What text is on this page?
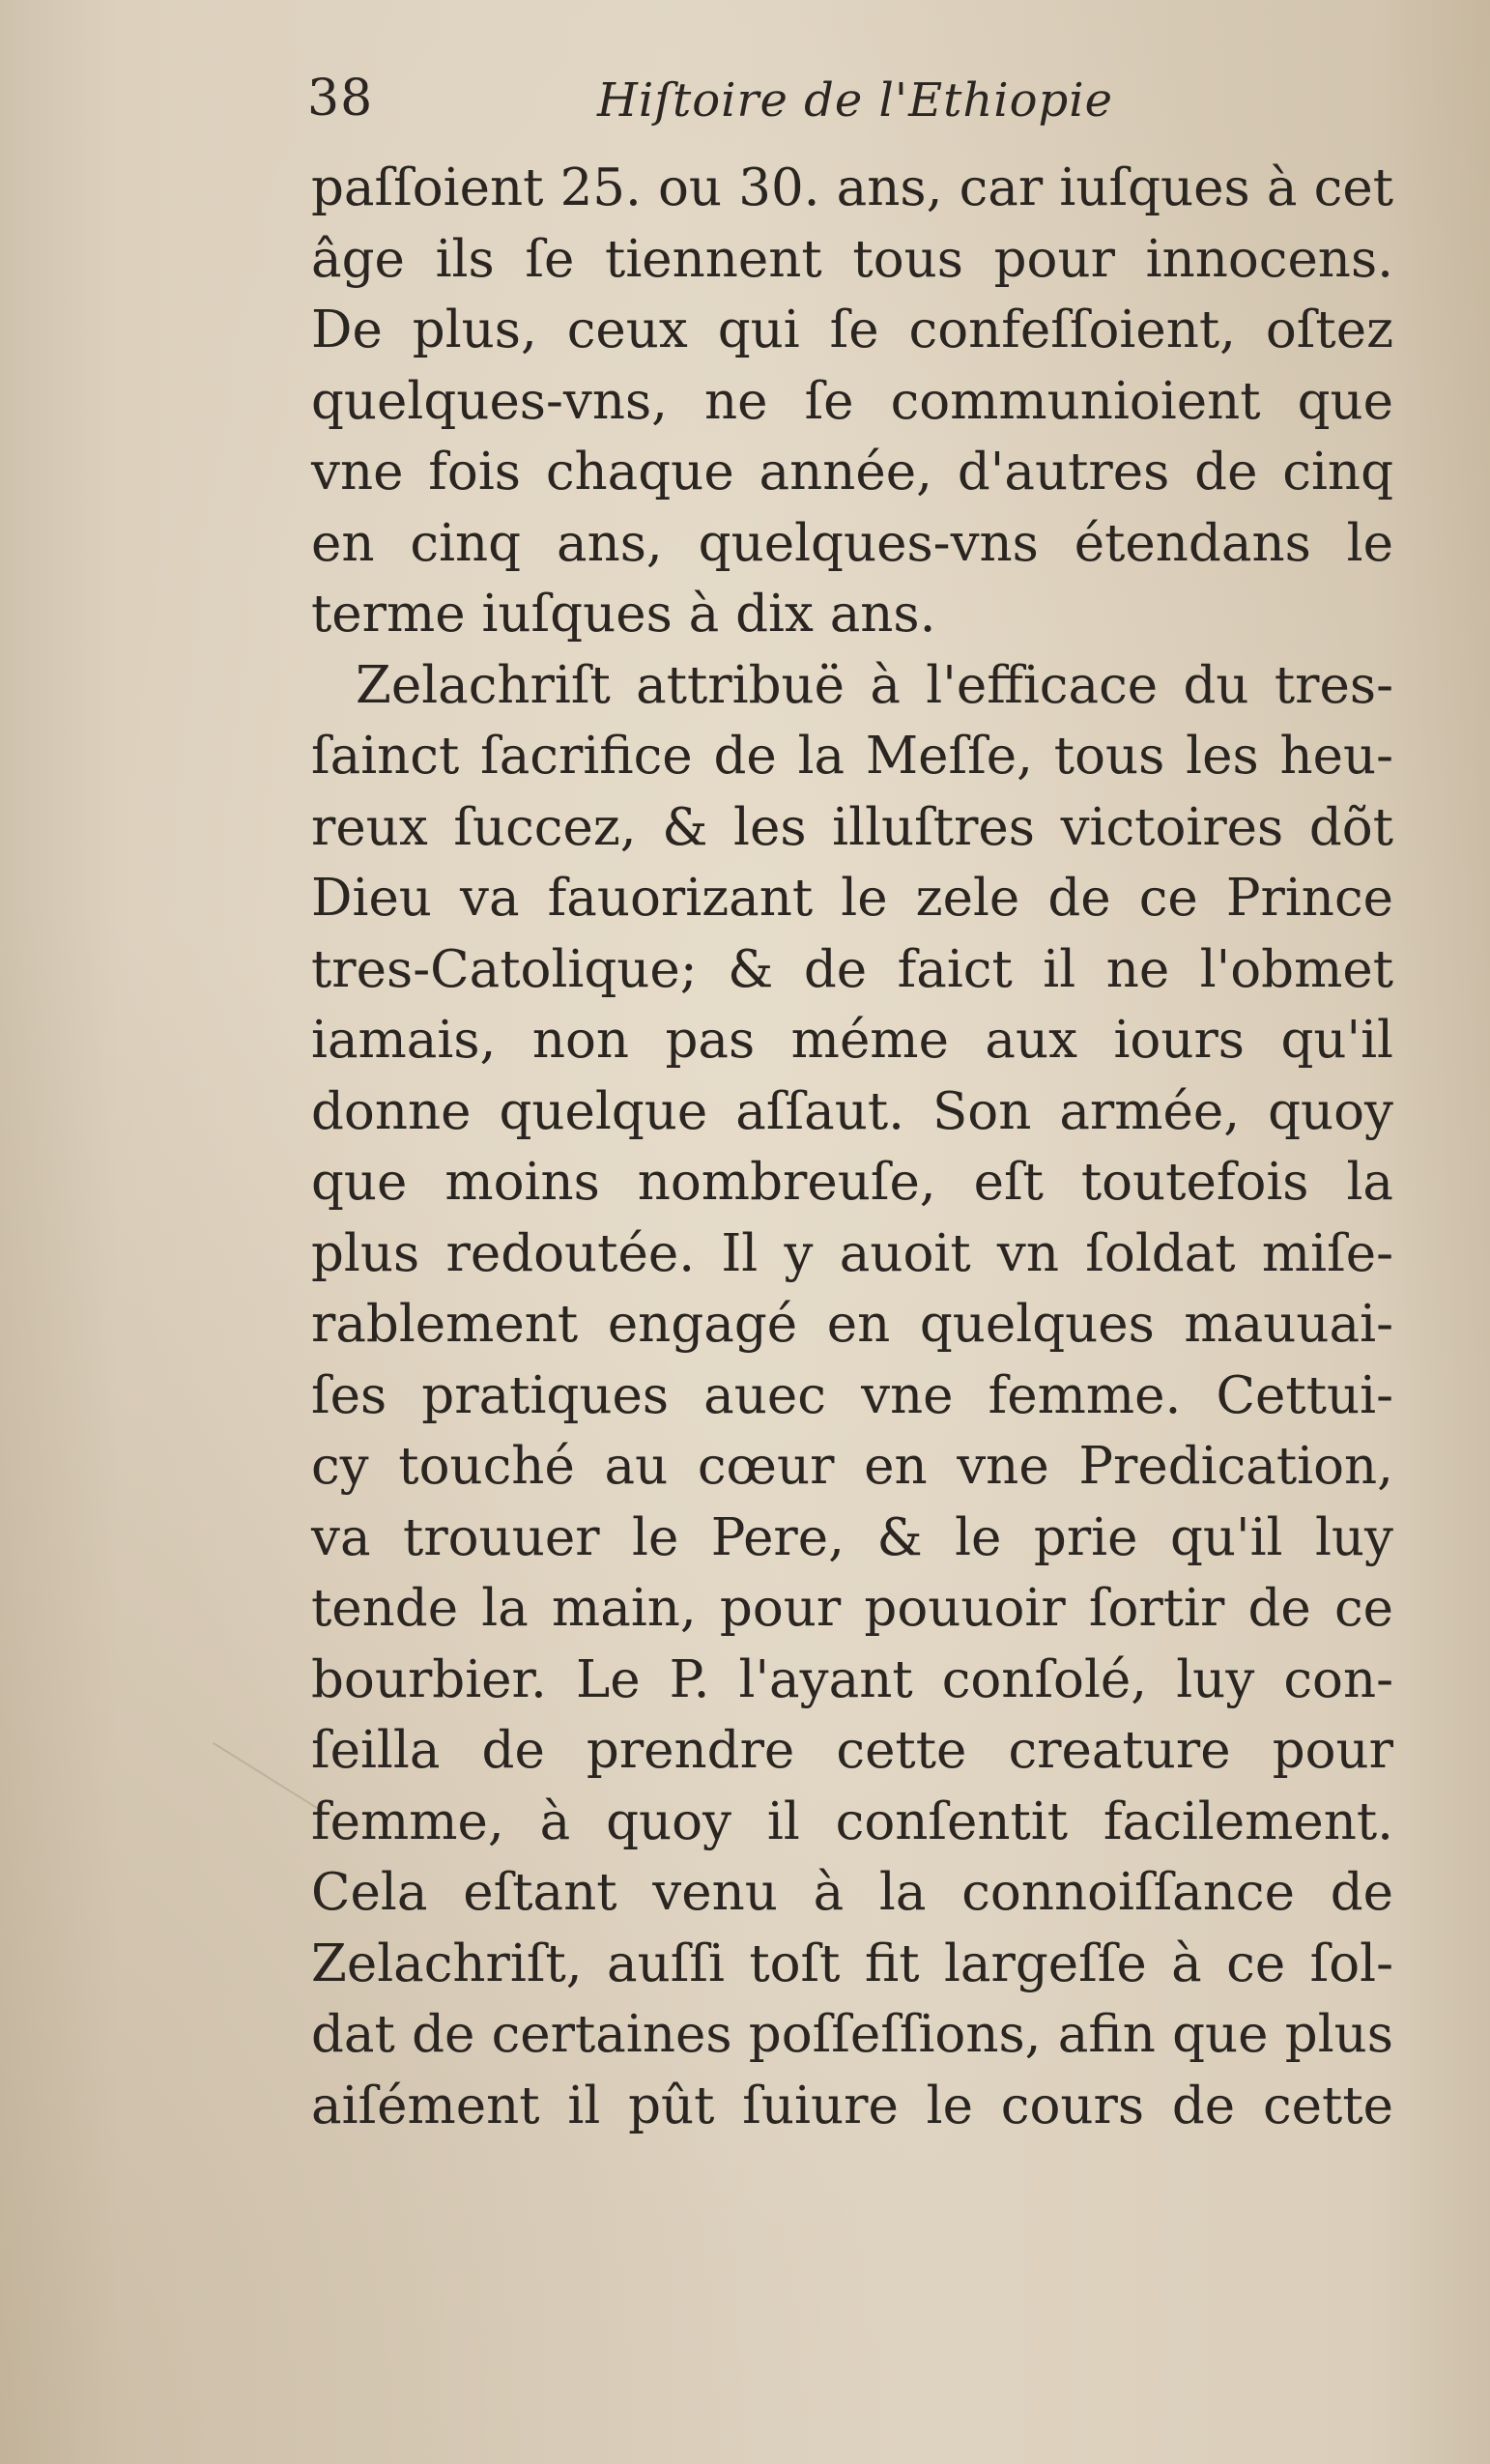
38	Hiſtoire de l'Ethiopie
paſſoient 25. ou 30. ans, car iuſques à cet
âge ils ſe tiennent tous pour innocens.
De plus, ceux qui ſe confeſſoient, oſtez
quelques-vns, ne ſe communioient que
vne fois chaque année, d'autres de cinq
en cinq ans, quelques-vns étendans le
terme iuſques à dix ans.
Zelachriſt attribuë à l'efficace du tres-
ſainct ſacrifice de la Meſſe, tous les heu-
reux ſuccez, & les illuſtres victoires dõt
Dieu va fauorizant le zele de ce Prince
tres-Catolique; & de faict il ne l'obmet
iamais, non pas méme aux iours qu'il
donne quelque aſſaut. Son armée, quoy
que moins nombreuſe, eſt toutefois la
plus redoutée. Il y auoit vn ſoldat miſe-
rablement engagé en quelques mauuai-
ſes pratiques auec vne femme. Cettui-
cy touché au cœur en vne Predication,
va trouuer le Pere, & le prie qu'il luy
tende la main, pour pouuoir ſortir de ce
bourbier. Le P. l'ayant conſolé, luy con-
ſeilla de prendre cette creature pour
femme, à quoy il conſentit facilement.
Cela eſtant venu à la connoiſſance de
Zelachriſt, auſſi toſt fit largeſſe à ce ſol-
dat de certaines poſſeſſions, afin que plus
aiſément il pût ſuiure le cours de cette
